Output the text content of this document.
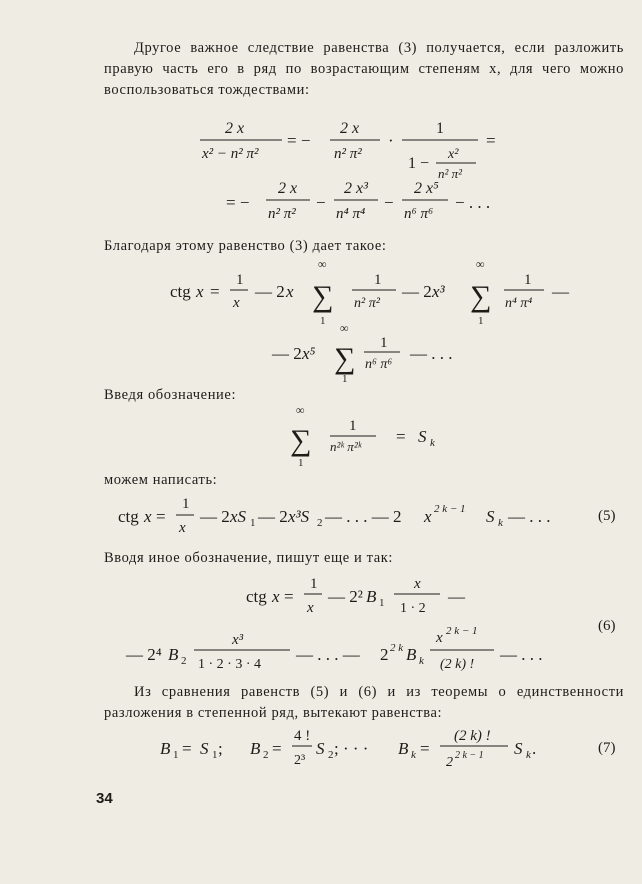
Другое важное следствие равенства (3) получается, если разложить правую часть его в ряд по возрастающим степеням x, для чего можно воспользоваться тождествами:
2 x
x² − n² π²
= −
2 x
n² π²
·
1
1 −
x²
n² π²
=
= −
2 x
n² π²
−
2 x³
n⁴ π⁴
−
2 x⁵
n⁶ π⁶
− . . .
Благодаря этому равенство (3) дает такое:
ctg x =
1
x
— 2 x
∞
∑
1
1
n² π²
— 2 x³
∞
∑
1
1
n⁴ π⁴
—
— 2 x⁵
∞
∑
1
1
n⁶ π⁶
— . . .
Введя обозначение:
∞
∑
1
1
n²ᵏ π²ᵏ
= S k
можем написать:
ctg x =
1
x
— 2 xS 1 — 2 x³S 2 — . . . — 2 x 2 k − 1 S k — . . .	(5)
Вводя иное обозначение, пишут еще и так:
ctg x =
1
x
— 2² B 1
x
1 · 2
—
— 2⁴ B 2
x³
1 · 2 · 3 · 4
— . . . — 2 2 k B k
x 2 k − 1
(2 k) !
— . . .
(6)
Из сравнения равенств (5) и (6) и из теоремы о единственности разложения в степенной ряд, вытекают равенства:
B 1 = S 1 ; B 2 =
4 !
2³
S 2 ; · · · B k =
(2 k) !
2 2 k − 1 S k .	(7)
34
